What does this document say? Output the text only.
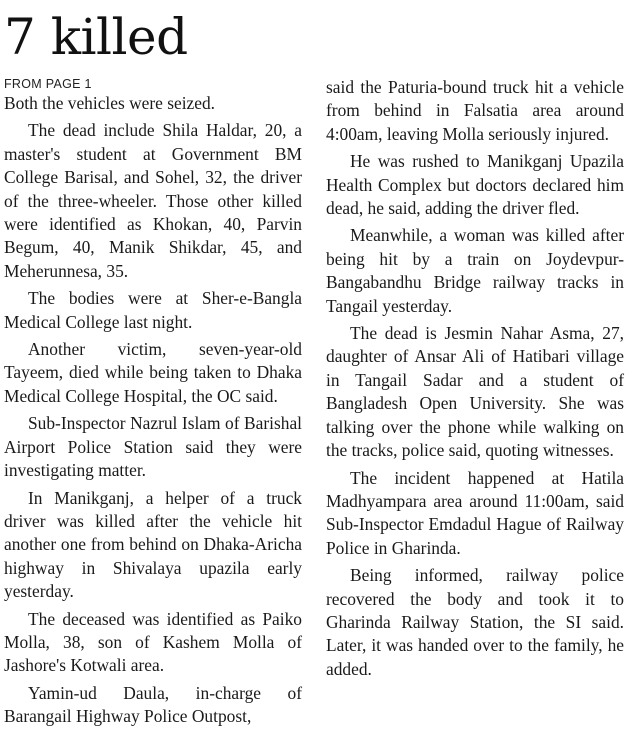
7 killed
FROM PAGE 1

Both the vehicles were seized.

The dead include Shila Haldar, 20, a master's student at Government BM College Barisal, and Sohel, 32, the driver of the three-wheeler. Those other killed were identified as Khokan, 40, Parvin Begum, 40, Manik Shikdar, 45, and Meherunnesa, 35.

The bodies were at Sher-e-Bangla Medical College last night.

Another victim, seven-year-old Tayeem, died while being taken to Dhaka Medical College Hospital, the OC said.

Sub-Inspector Nazrul Islam of Barishal Airport Police Station said they were investigating matter.

In Manikganj, a helper of a truck driver was killed after the vehicle hit another one from behind on Dhaka-Aricha highway in Shivalaya upazila early yesterday.

The deceased was identified as Paiko Molla, 38, son of Kashem Molla of Jashore's Kotwali area.

Yamin-ud Daula, in-charge of Barangail Highway Police Outpost,

said the Paturia-bound truck hit a vehicle from behind in Falsatia area around 4:00am, leaving Molla seriously injured.

He was rushed to Manikganj Upazila Health Complex but doctors declared him dead, he said, adding the driver fled.

Meanwhile, a woman was killed after being hit by a train on Joydevpur-Bangabandhu Bridge railway tracks in Tangail yesterday.

The dead is Jesmin Nahar Asma, 27, daughter of Ansar Ali of Hatibari village in Tangail Sadar and a student of Bangladesh Open University. She was talking over the phone while walking on the tracks, police said, quoting witnesses.

The incident happened at Hatila Madhyampara area around 11:00am, said Sub-Inspector Emdadul Hague of Railway Police in Gharinda.

Being informed, railway police recovered the body and took it to Gharinda Railway Station, the SI said. Later, it was handed over to the family, he added.
